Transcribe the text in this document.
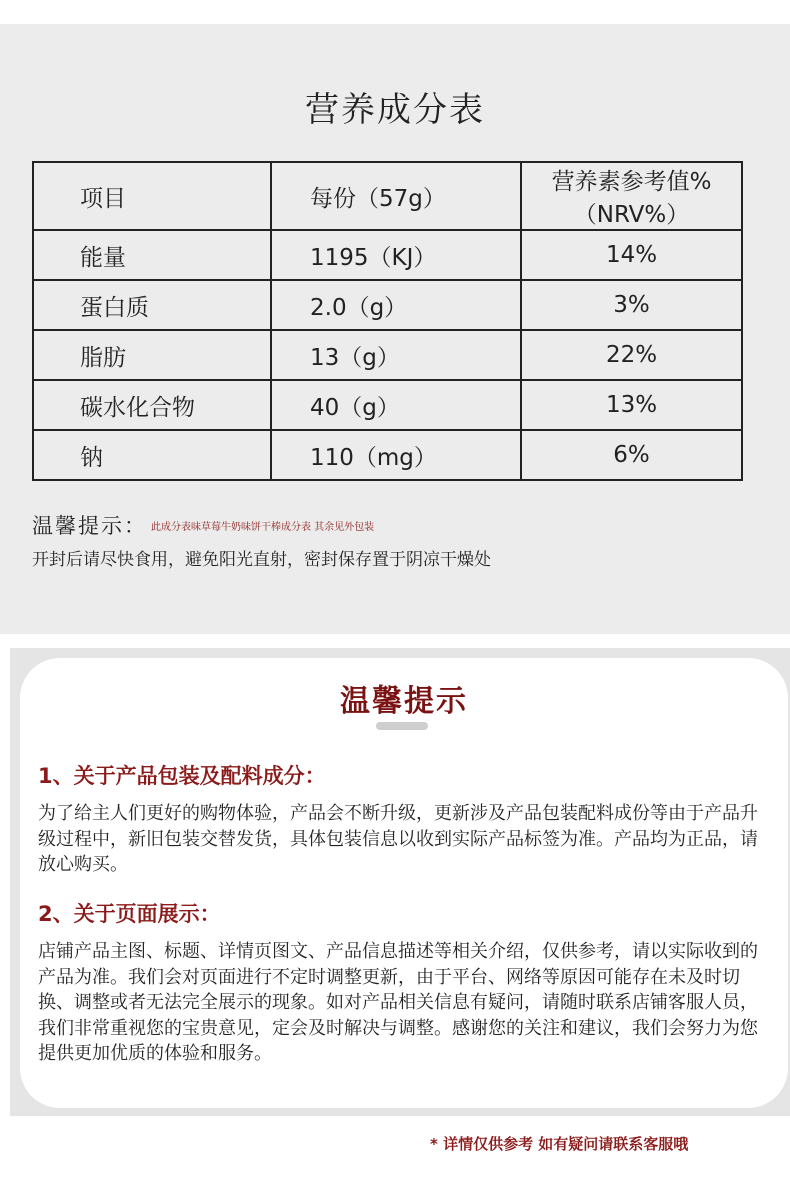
营养成分表
项目	每份（57g）	营养素参考值%（NRV%）
能量	1195（KJ）	14%
蛋白质	2.0（g）	3%
脂肪	13（g）	22%
碳水化合物	40（g）	13%
钠	110（mg）	6%
温馨提示： 此成分表味草莓牛奶味饼干棒成分表 其余见外包装
开封后请尽快食用，避免阳光直射，密封保存置于阴凉干燥处
温馨提示
1、关于产品包装及配料成分：
为了给主人们更好的购物体验，产品会不断升级，更新涉及产品包装配料成份等由于产品升级过程中，新旧包装交替发货，具体包装信息以收到实际产品标签为准。产品均为正品，请放心购买。
2、关于页面展示：
店铺产品主图、标题、详情页图文、产品信息描述等相关介绍，仅供参考，请以实际收到的产品为准。我们会对页面进行不定时调整更新，由于平台、网络等原因可能存在未及时切换、调整或者无法完全展示的现象。如对产品相关信息有疑问，请随时联系店铺客服人员，我们非常重视您的宝贵意见，定会及时解决与调整。感谢您的关注和建议，我们会努力为您提供更加优质的体验和服务。
* 详情仅供参考 如有疑问请联系客服哦
